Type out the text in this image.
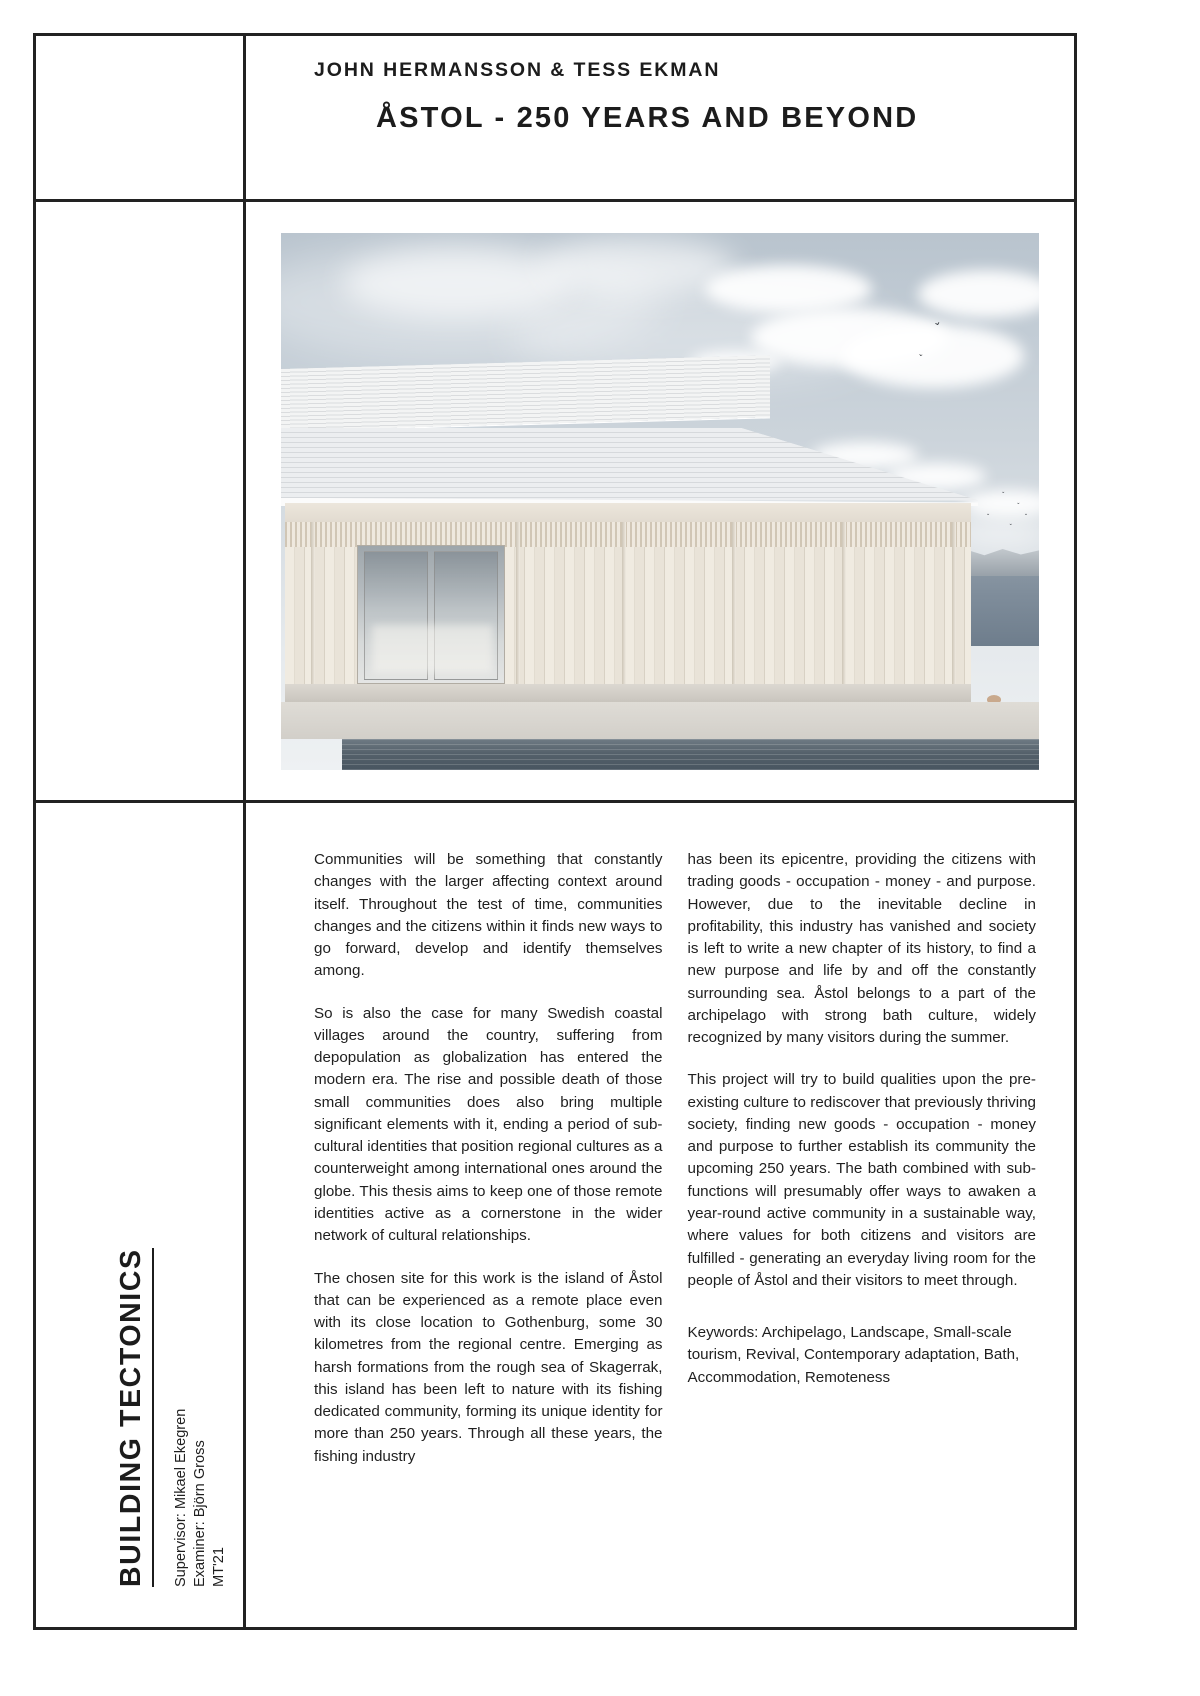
JOHN HERMANSSON & TESS EKMAN
ÅSTOL - 250 YEARS AND BEYOND
⌄
⌄
⌄
⌄
⌄
⌄
⌄
BUILDING TECTONICS	Supervisor: Mikael Ekegren Examiner: Björn Gross MT'21

Communities will be something that constantly changes with the larger affecting context around itself. Throughout the test of time, communities changes and the citizens within it finds new ways to go forward, develop and identify themselves among.

So is also the case for many Swedish coastal villages around the country, suffering from depopulation as globalization has entered the modern era. The rise and possible death of those small communities does also bring multiple significant elements with it, ending a period of sub-cultural identities that position regional cultures as a counterweight among international ones around the globe. This thesis aims to keep one of those remote identities active as a cornerstone in the wider network of cultural relationships.

The chosen site for this work is the island of Åstol that can be experienced as a remote place even with its close location to Gothenburg, some 30 kilometres from the regional centre. Emerging as harsh formations from the rough sea of Skagerrak, this island has been left to nature with its fishing dedicated community, forming its unique identity for more than 250 years. Through all these years, the fishing industry

has been its epicentre, providing the citizens with trading goods - occupation - money - and purpose. However, due to the inevitable decline in profitability, this industry has vanished and society is left to write a new chapter of its history, to find a new purpose and life by and off the constantly surrounding sea. Åstol belongs to a part of the archipelago with strong bath culture, widely recognized by many visitors during the summer.

This project will try to build qualities upon the pre-existing culture to rediscover that previously thriving society, finding new goods - occupation - money and purpose to further establish its community the upcoming 250 years. The bath combined with sub-functions will presumably offer ways to awaken a year-round active community in a sustainable way, where values for both citizens and visitors are fulfilled - generating an everyday living room for the people of Åstol and their visitors to meet through.

Keywords: Archipelago, Landscape, Small-scale tourism, Revival, Contemporary adaptation, Bath, Accommodation, Remoteness
